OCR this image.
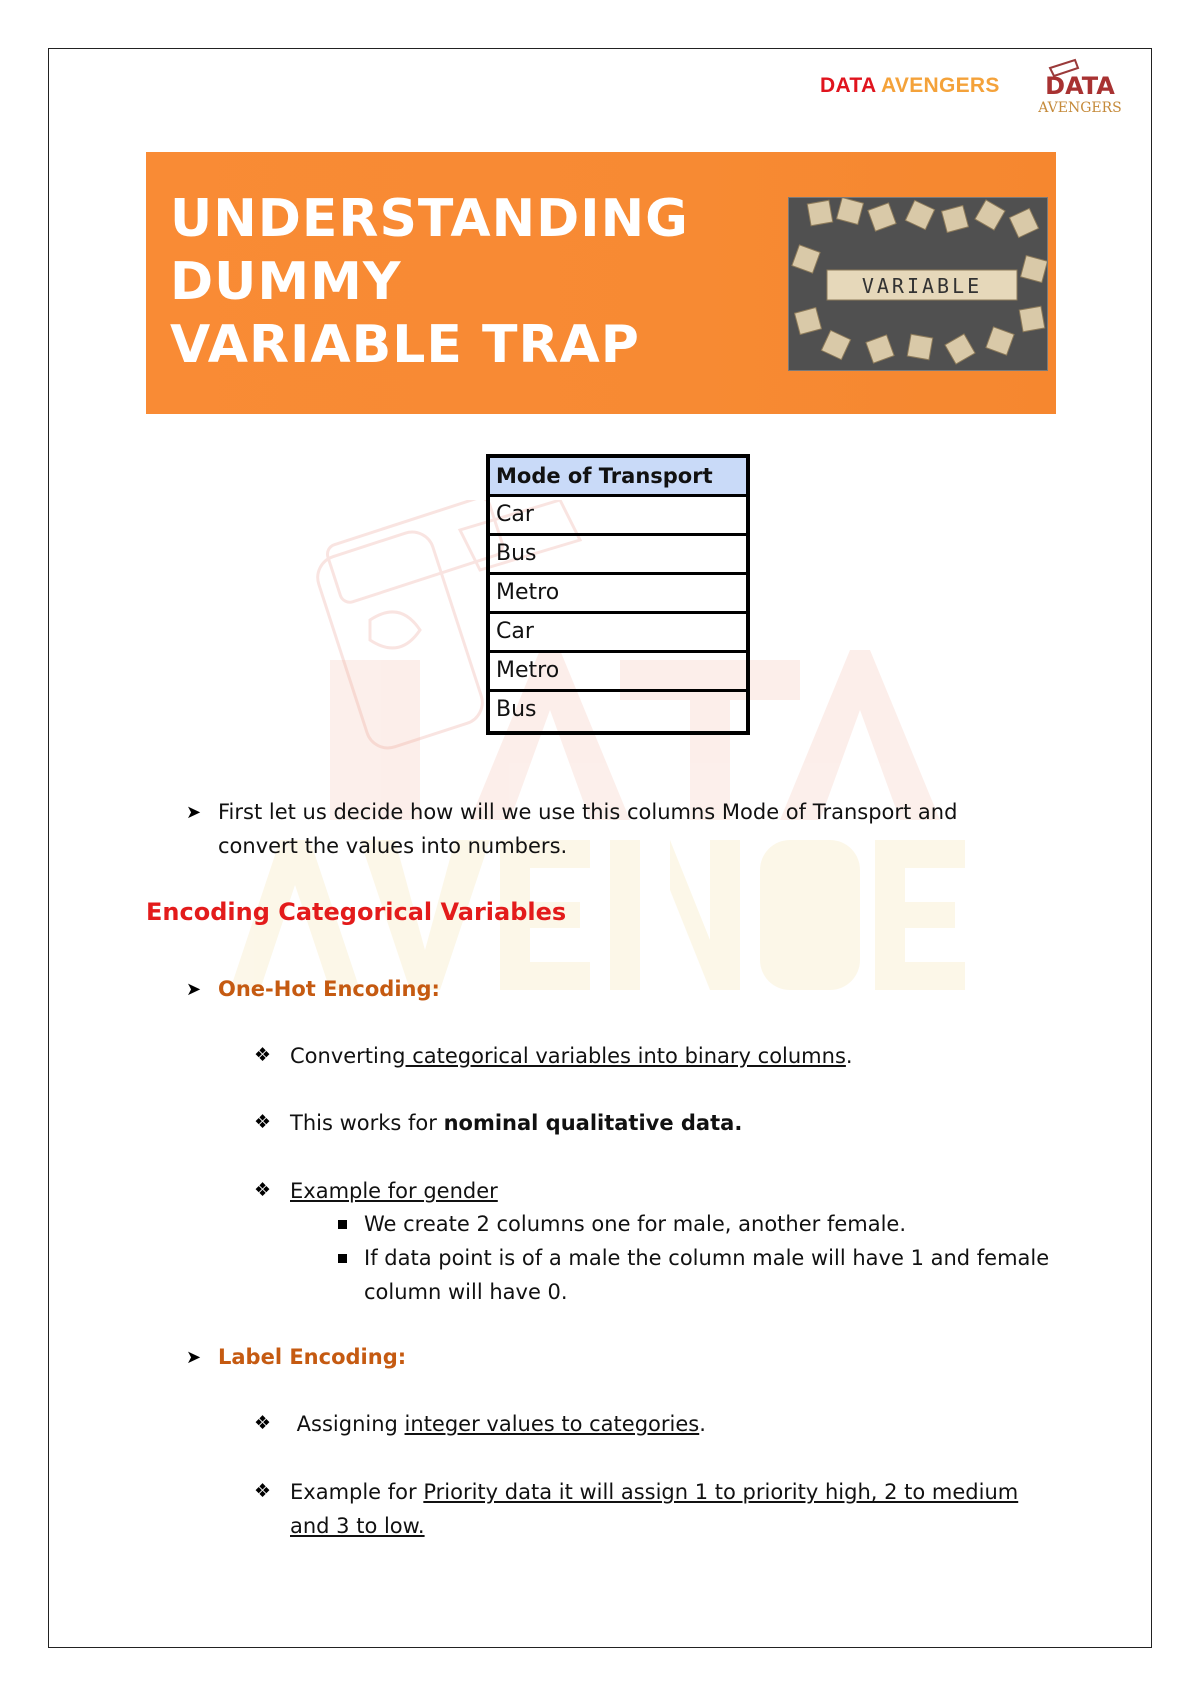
DATA AVENGERS DATA
AVENGERS
UNDERSTANDING
DUMMY
VARIABLE TRAP
VARIABLE
Mode of Transport
Car
Bus
Metro
Car
Metro
Bus
➤ First let us decide how will we use this columns Mode of Transport and
convert the values into numbers.
Encoding Categorical Variables
➤ One-Hot Encoding:
❖ Converting categorical variables into binary columns.
❖ This works for nominal qualitative data.
❖ Example for gender
We create 2 columns one for male, another female.
If data point is of a male the column male will have 1 and female
column will have 0.
➤ Label Encoding:
❖ Assigning integer values to categories.
❖ Example for Priority data it will assign 1 to priority high, 2 to medium
and 3 to low.
